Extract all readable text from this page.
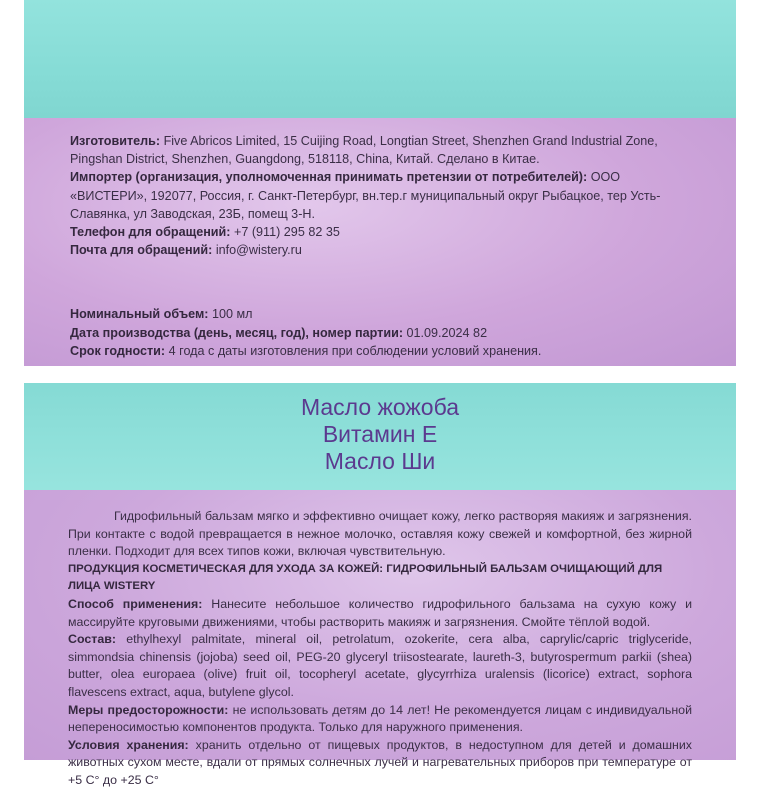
Изготовитель: Five Abricos Limited, 15 Cuijing Road, Longtian Street, Shenzhen Grand Industrial Zone, Pingshan District, Shenzhen, Guangdong, 518118, China, Китай. Сделано в Китае.

Импортер (организация, уполномоченная принимать претензии от потребителей): ООО «ВИСТЕРИ», 192077, Россия, г. Санкт-Петербург, вн.тер.г муниципальный округ Рыбацкое, тер Усть-Славянка, ул Заводская, 23Б, помещ 3-Н.

Телефон для обращений: +7 (911) 295 82 35

Почта для обращений: info@wistery.ru

Номинальный объем: 100 мл

Дата производства (день, месяц, год), номер партии: 01.09.2024 82

Срок годности: 4 года с даты изготовления при соблюдении условий хранения.

Масло жожоба
Витамин Е
Масло Ши

Гидрофильный бальзам мягко и эффективно очищает кожу, легко растворяя макияж и загрязнения. При контакте с водой превращается в нежное молочко, оставляя кожу свежей и комфортной, без жирной пленки. Подходит для всех типов кожи, включая чувствительную.

ПРОДУКЦИЯ КОСМЕТИЧЕСКАЯ ДЛЯ УХОДА ЗА КОЖЕЙ: ГИДРОФИЛЬНЫЙ БАЛЬЗАМ ОЧИЩАЮЩИЙ ДЛЯ ЛИЦА WISTERY

Способ применения: Нанесите небольшое количество гидрофильного бальзама на сухую кожу и массируйте круговыми движениями, чтобы растворить макияж и загрязнения. Смойте тёплой водой.

Состав: ethylhexyl palmitate, mineral oil, petrolatum, ozokerite, cera alba, caprylic/capric triglyceride, simmondsia chinensis (jojoba) seed oil, PEG-20 glyceryl triisostearate, laureth-3, butyrospermum parkii (shea) butter, olea europaea (olive) fruit oil, tocopheryl acetate, glycyrrhiza uralensis (licorice) extract, sophora flavescens extract, aqua, butylene glycol.

Меры предосторожности: не использовать детям до 14 лет! Не рекомендуется лицам с индивидуальной непереносимостью компонентов продукта. Только для наружного применения.

Условия хранения: хранить отдельно от пищевых продуктов, в недоступном для детей и домашних животных сухом месте, вдали от прямых солнечных лучей и нагревательных приборов при температуре от +5 С° до +25 С°
